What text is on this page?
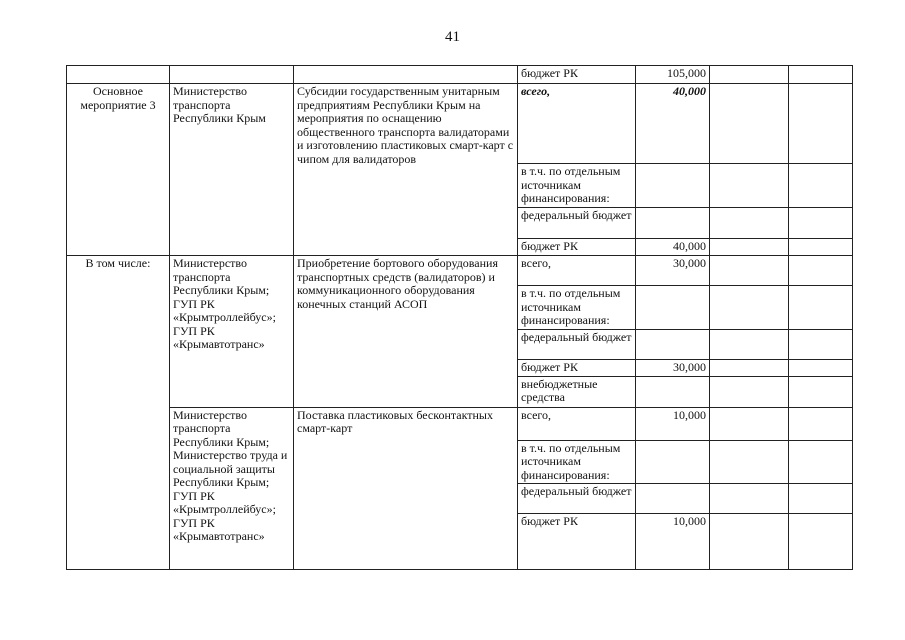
41
			бюджет РК	105,000		
Основное мероприятие 3	Министерство транспорта Республики Крым	Субсидии государственным унитарным предприятиям Республики Крым на мероприятия по оснащению общественного транспорта валидаторами и изготовлению пластиковых смарт-карт с чипом для валидаторов	всего,	40,000		
			в т.ч. по отдельным источникам финансирования:			
			федеральный бюджет			
			бюджет РК	40,000		
В том числе:	Министерство транспорта Республики Крым; ГУП РК «Крымтроллейбус»; ГУП РК «Крымавтотранс»	Приобретение бортового оборудования транспортных средств (валидаторов) и коммуникационного оборудования конечных станций АСОП	всего,	30,000		
			в т.ч. по отдельным источникам финансирования:			
			федеральный бюджет			
			бюджет РК	30,000		
			внебюджетные средства			
	Министерство транспорта Республики Крым; Министерство труда и социальной защиты Республики Крым; ГУП РК «Крымтроллейбус»; ГУП РК «Крымавтотранс»	Поставка пластиковых бесконтактных смарт-карт	всего,	10,000		
			в т.ч. по отдельным источникам финансирования:			
			федеральный бюджет			
			бюджет РК	10,000		
